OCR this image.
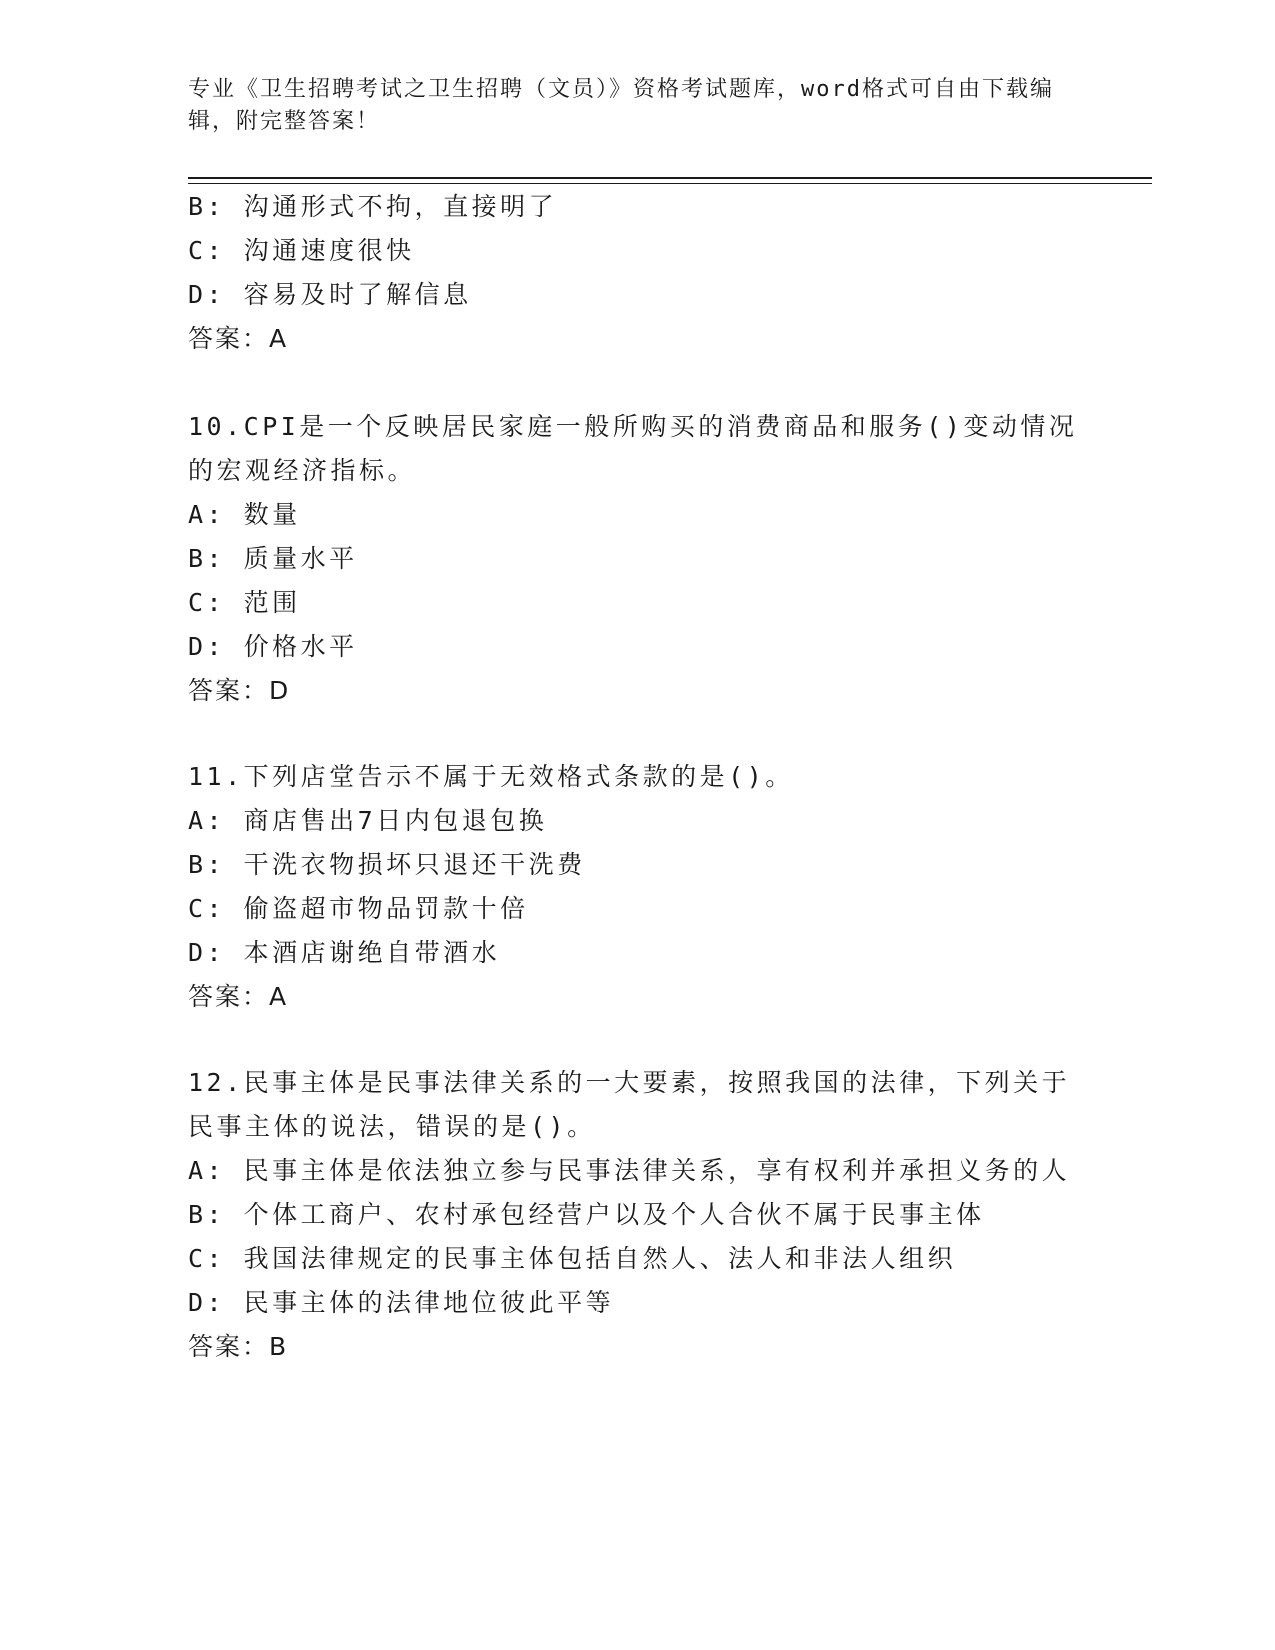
专业《卫生招聘考试之卫生招聘（文员）》资格考试题库，word格式可自由下载编辑，附完整答案！
B: 沟通形式不拘，直接明了
C: 沟通速度很快
D: 容易及时了解信息
答案：A
10.CPI是一个反映居民家庭一般所购买的消费商品和服务()变动情况
的宏观经济指标。
A: 数量
B: 质量水平
C: 范围
D: 价格水平
答案：D
11.下列店堂告示不属于无效格式条款的是()。
A: 商店售出7日内包退包换
B: 干洗衣物损坏只退还干洗费
C: 偷盗超市物品罚款十倍
D: 本酒店谢绝自带酒水
答案：A
12.民事主体是民事法律关系的一大要素，按照我国的法律，下列关于
民事主体的说法，错误的是()。
A: 民事主体是依法独立参与民事法律关系，享有权利并承担义务的人
B: 个体工商户、农村承包经营户以及个人合伙不属于民事主体
C: 我国法律规定的民事主体包括自然人、法人和非法人组织
D: 民事主体的法律地位彼此平等
答案：B
